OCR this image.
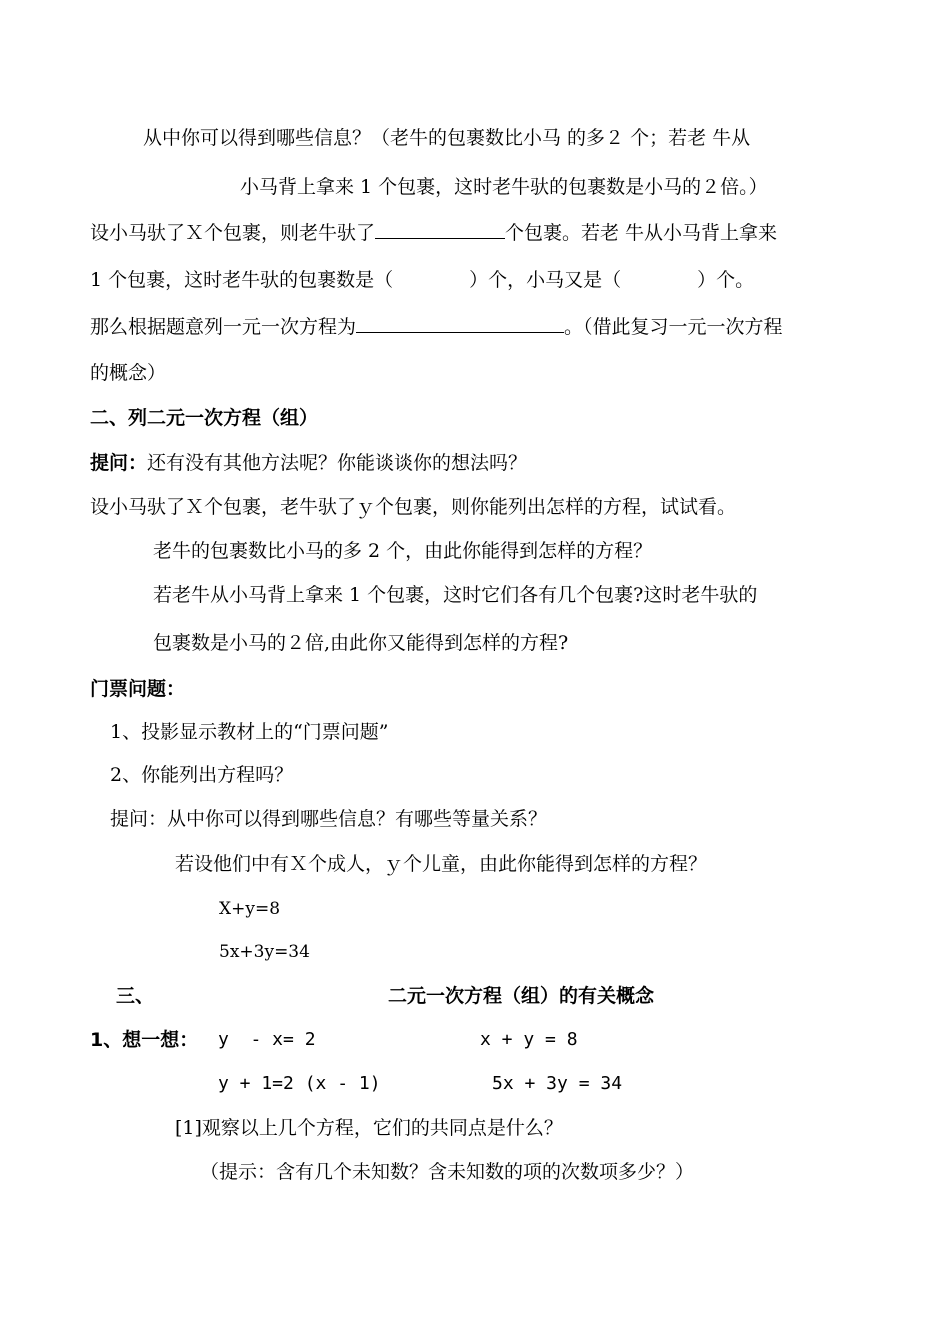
从中你可以得到哪些信息？（老牛的包裹数比小马 的多２ 个；若老 牛从
小马背上拿来 1 个包裹，这时老牛驮的包裹数是小马的２倍。）
设小马驮了Ｘ个包裹，则老牛驮了	个包裹。若老 牛从小马背上拿来
1 个包裹，这时老牛驮的包裹数是（　　　　）个，小马又是（　　　　）个。
那么根据题意列一元一次方程为	。（借此复习一元一次方程
的概念）
二、列二元一次方程（组）
提问：还有没有其他方法呢？你能谈谈你的想法吗？
设小马驮了Ｘ个包裹，老牛驮了ｙ个包裹，则你能列出怎样的方程，试试看。
老牛的包裹数比小马的多 2 个，由此你能得到怎样的方程？
若老牛从小马背上拿来 1 个包裹，这时它们各有几个包裹?这时老牛驮的
包裹数是小马的２倍,由此你又能得到怎样的方程?
门票问题：
1、投影显示教材上的“门票问题”
2、你能列出方程吗？
提问：从中你可以得到哪些信息？有哪些等量关系？
若设他们中有Ｘ个成人，ｙ个儿童，由此你能得到怎样的方程？
X+y=8
5x+3y=34
三、	二元一次方程（组）的有关概念
1、想一想： y  - x= 2	x + y = 8
y + 1=2 (x - 1)	5x + 3y = 34
[1]观察以上几个方程，它们的共同点是什么？
（提示：含有几个未知数？含未知数的项的次数项多少？）
